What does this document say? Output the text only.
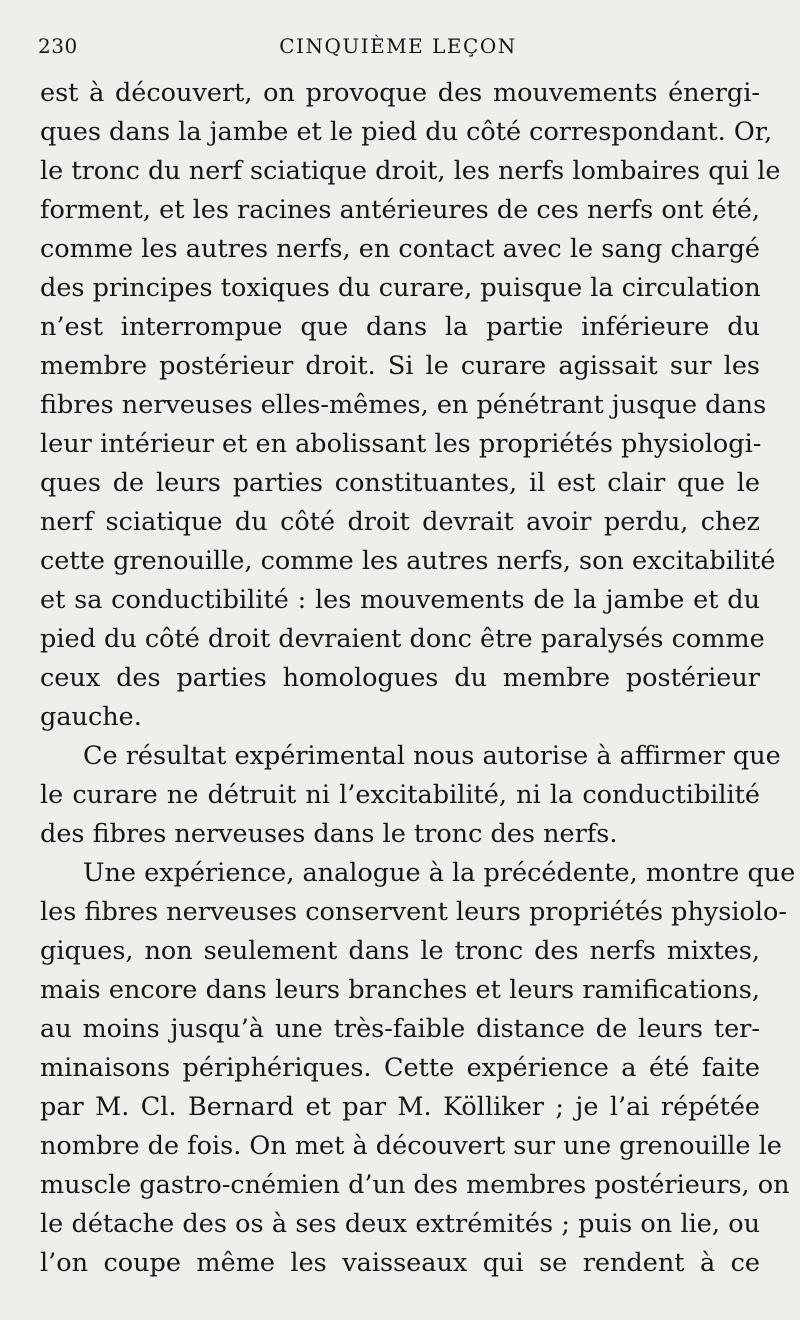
230	CINQUIÈME LEÇON
est à découvert, on provoque des mouvements énergi-
ques dans la jambe et le pied du côté correspondant. Or,
le tronc du nerf sciatique droit, les nerfs lombaires qui le
forment, et les racines antérieures de ces nerfs ont été,
comme les autres nerfs, en contact avec le sang chargé
des principes toxiques du curare, puisque la circulation
n’est interrompue que dans la partie inférieure du
membre postérieur droit. Si le curare agissait sur les
fibres nerveuses elles-mêmes, en pénétrant jusque dans
leur intérieur et en abolissant les propriétés physiologi-
ques de leurs parties constituantes, il est clair que le
nerf sciatique du côté droit devrait avoir perdu, chez
cette grenouille, comme les autres nerfs, son excitabilité
et sa conductibilité : les mouvements de la jambe et du
pied du côté droit devraient donc être paralysés comme
ceux des parties homologues du membre postérieur
gauche.
Ce résultat expérimental nous autorise à affirmer que
le curare ne détruit ni l’excitabilité, ni la conductibilité
des fibres nerveuses dans le tronc des nerfs.
Une expérience, analogue à la précédente, montre que
les fibres nerveuses conservent leurs propriétés physiolo-
giques, non seulement dans le tronc des nerfs mixtes,
mais encore dans leurs branches et leurs ramifications,
au moins jusqu’à une très-faible distance de leurs ter-
minaisons périphériques. Cette expérience a été faite
par M. Cl. Bernard et par M. Kölliker ; je l’ai répétée
nombre de fois. On met à découvert sur une grenouille le
muscle gastro-cnémien d’un des membres postérieurs, on
le détache des os à ses deux extrémités ; puis on lie, ou
l’on coupe même les vaisseaux qui se rendent à ce
